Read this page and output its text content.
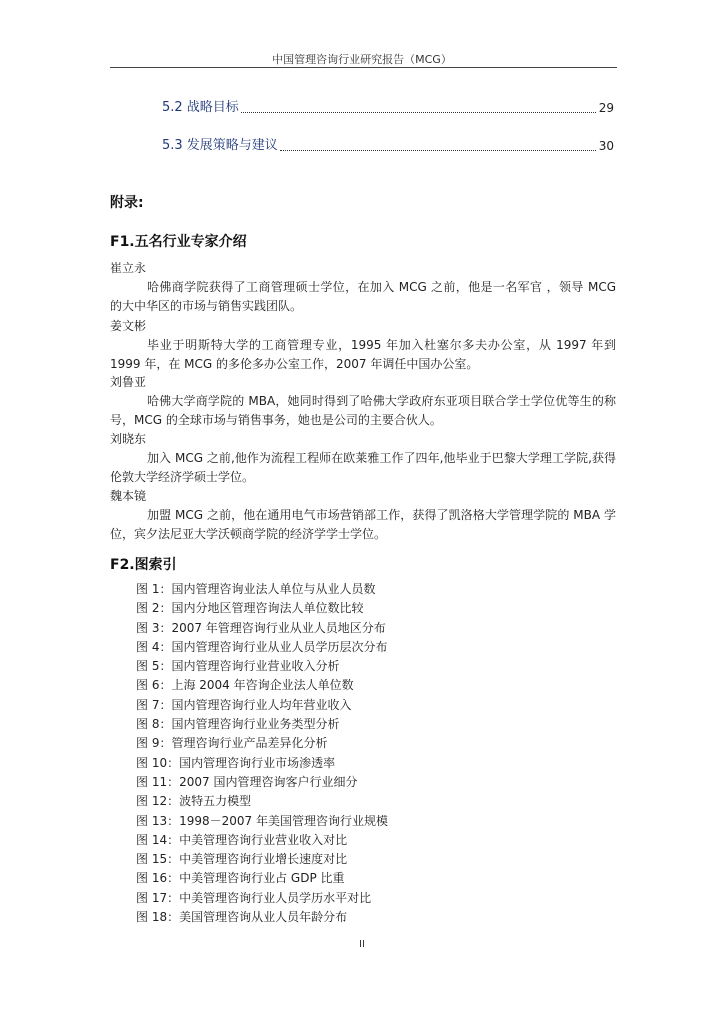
中国管理咨询行业研究报告（MCG）
5.2 战略目标	29
5.3 发展策略与建议	30
附录:
F1.五名行业专家介绍
崔立永

哈佛商学院获得了工商管理硕士学位，在加入 MCG 之前，他是一名军官 ，领导 MCG 的大中华区的市场与销售实践团队。

姜文彬

毕业于明斯特大学的工商管理专业，1995 年加入杜塞尔多夫办公室，从 1997 年到 1999 年，在 MCG 的多伦多办公室工作，2007 年调任中国办公室。

刘鲁亚

哈佛大学商学院的 MBA，她同时得到了哈佛大学政府东亚项目联合学士学位优等生的称号，MCG 的全球市场与销售事务，她也是公司的主要合伙人。

刘晓东

加入 MCG 之前,他作为流程工程师在欧莱雅工作了四年,他毕业于巴黎大学理工学院,获得伦敦大学经济学硕士学位。

魏本镜

加盟 MCG 之前，他在通用电气市场营销部工作，获得了凯洛格大学管理学院的 MBA 学位，宾夕法尼亚大学沃顿商学院的经济学学士学位。

F2.图索引
图 1：国内管理咨询业法人单位与从业人员数
图 2：国内分地区管理咨询法人单位数比较
图 3：2007 年管理咨询行业从业人员地区分布
图 4：国内管理咨询行业从业人员学历层次分布
图 5：国内管理咨询行业营业收入分析
图 6：上海 2004 年咨询企业法人单位数
图 7：国内管理咨询行业人均年营业收入
图 8：国内管理咨询行业业务类型分析
图 9：管理咨询行业产品差异化分析
图 10：国内管理咨询行业市场渗透率
图 11：2007 国内管理咨询客户行业细分
图 12：波特五力模型
图 13：1998－2007 年美国管理咨询行业规模
图 14：中美管理咨询行业营业收入对比
图 15：中美管理咨询行业增长速度对比
图 16：中美管理咨询行业占 GDP 比重
图 17：中美管理咨询行业人员学历水平对比
图 18：美国管理咨询从业人员年龄分布
II
